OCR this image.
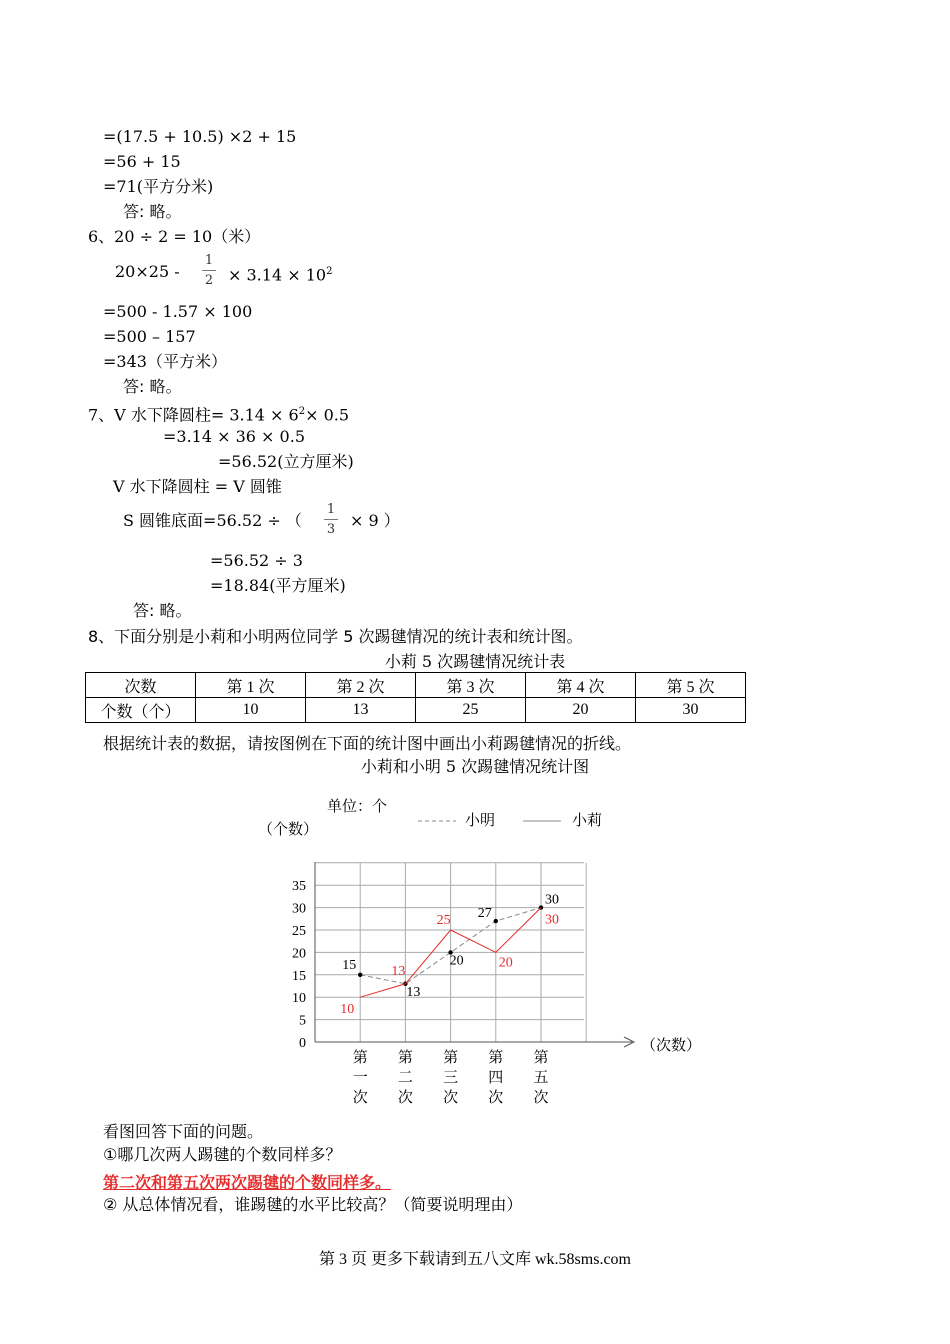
=(17.5 + 10.5) ×2 + 15
=56 + 15
=71(平方分米)
答: 略。
6、20 ÷ 2 = 10（米）
20×25 -
1
$2 \times 3.14 \times 10^2$
=500 - 1.57 × 100
=500 – 157
=343（平方米）
答: 略。
7、V 水下降圆柱= $3.14 \times 6^2\times 0.5$
=3.14 × 36 × 0.5
=56.52(立方厘米)
V 水下降圆柱 = V 圆锥
S 圆锥底面=56.52 ÷ （
1
3 × 9 ）
=56.52 ÷ 3
=18.84(平方厘米)
答: 略。
8、下面分别是小莉和小明两位同学 5 次踢毽情况的统计表和统计图。
小莉 5 次踢毽情况统计表
次数	第 1 次	第 2 次	第 3 次	第 4 次	第 5 次
个数（个）	10	13	25	20	30
根据统计表的数据，请按图例在下面的统计图中画出小莉踢毽情况的折线。
小莉和小明 5 次踢毽情况统计图
单位：个
（个数）
小明	小莉
0
5
10
15
20
25
30
35
第
一
次
第
二
次
第
三
次
第
四
次
第
五
次
（次数）
15
13
20
27
30
10
13
25
20
30
看图回答下面的问题。
①哪几次两人踢毽的个数同样多？
第二次和第五次两次踢毽的个数同样多。
② 从总体情况看，谁踢毽的水平比较高？（简要说明理由）
第 3 页 更多下载请到五八文库 wk.58sms.com
